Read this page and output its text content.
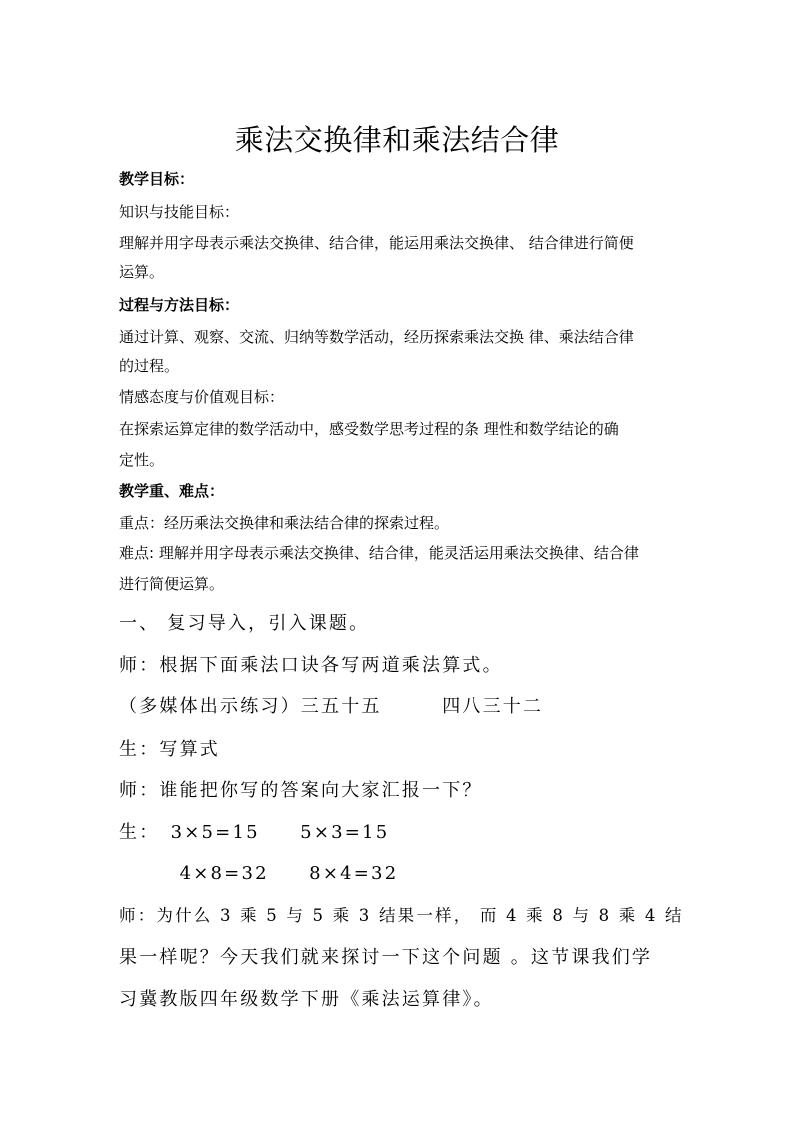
乘法交换律和乘法结合律
教学目标：
知识与技能目标：
理解并用字母表示乘法交换律、结合律，能运用乘法交换律、 结合律进行简便
运算。
过程与方法目标：
通过计算、观察、交流、归纳等数学活动，经历探索乘法交换 律、乘法结合律
的过程。
情感态度与价值观目标：
在探索运算定律的数学活动中，感受数学思考过程的条 理性和数学结论的确
定性。
教学重、难点：
重点：经历乘法交换律和乘法结合律的探索过程。
难点: 理解并用字母表示乘法交换律、结合律，能灵活运用乘法交换律、结合律
进行简便运算。
一、 复习导入，引入课题。
师：根据下面乘法口诀各写两道乘法算式。
（多媒体出示练习）三五十五　　　四八三十二
生：写算式
师：谁能把你写的答案向大家汇报一下？
生：　3×5=15　　5×3=15
　　　4×8=32　　8×4=32
师：为什么 3 乘 5 与 5 乘 3 结果一样， 而 4 乘 8 与 8 乘 4 结
果一样呢？今天我们就来探讨一下这个问题 。这节课我们学
习冀教版四年级数学下册《乘法运算律》。
